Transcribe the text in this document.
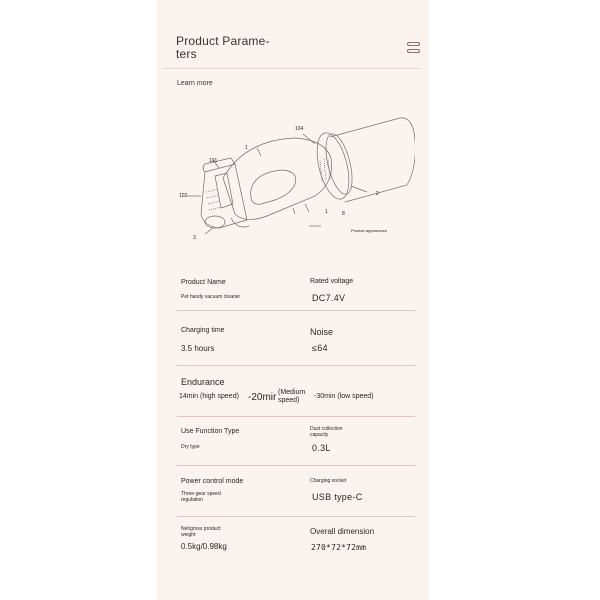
Product Parame-
ters
Learn more
104
101
1
2
102
1	8
3
Product appearance
Product Name
Pet handy vacuum cleaner
Rated voltage
DC7.4V
Charging time
3.5 hours
Noise
≤64
Endurance
14min (high speed) -20mir (Medium
speed)
-30min (low speed)
Use Function Type
Dry type
Dust collection
capacity
0.3L
Power control mode
Three-gear speed
regulation
Charging socket
USB type-C
Net/gross product
weight
0.5kg/0.98kg
Overall dimension
270*72*72mm
